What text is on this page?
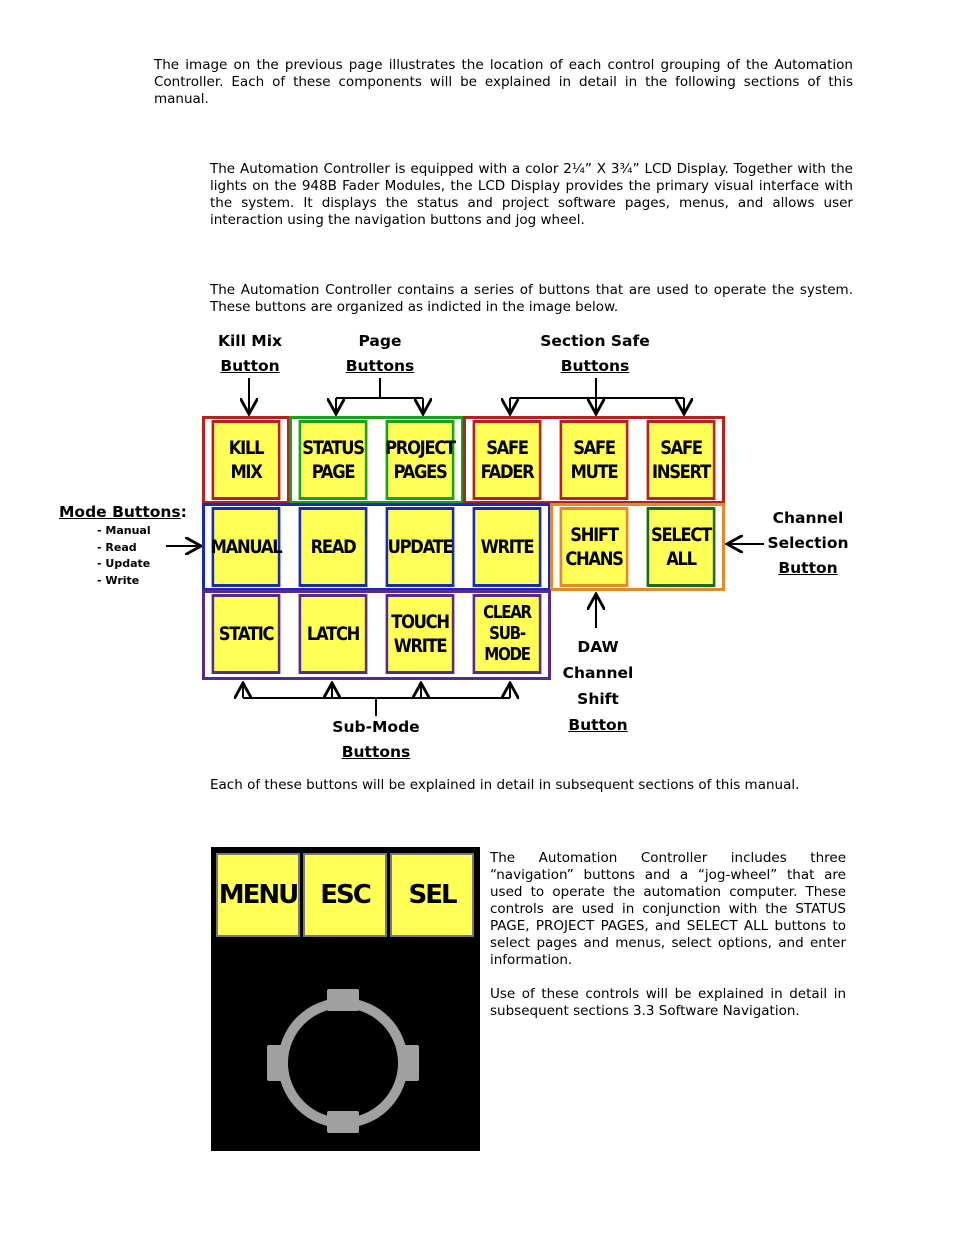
The image on the previous page illustrates the location of each control grouping of the Automation Controller. Each of these components will be explained in detail in the following sections of this manual.

The Automation Controller is equipped with a color 2¼” X 3¾” LCD Display. Together with the lights on the 948B Fader Modules, the LCD Display provides the primary visual interface with the system. It displays the status and project software pages, menus, and allows user interaction using the navigation buttons and jog wheel.

The Automation Controller contains a series of buttons that are used to operate the system. These buttons are organized as indicted in the image below.

Kill Mix
Button
Page
Buttons
Section Safe
Buttons
KILL
MIX
STATUS
PAGE
PROJECT
PAGES
SAFE
FADER
SAFE
MUTE
SAFE
INSERT
MANUAL	READ	UPDATE	WRITE
SHIFT
CHANS
SELECT
ALL
STATIC	LATCH
TOUCH
WRITE
CLEAR
SUB-
MODE
Mode Buttons:
- Manual
- Read
- Update
- Write
Channel
Selection
Button
DAW
Channel
Shift
Button
Sub-Mode
Buttons

Each of these buttons will be explained in detail in subsequent sections of this manual.

MENU ESC	SEL

The Automation Controller includes three “navigation” buttons and a “jog-wheel” that are used to operate the automation computer. These controls are used in conjunction with the STATUS PAGE, PROJECT PAGES, and SELECT ALL buttons to select pages and menus, select options, and enter information.

Use of these controls will be explained in detail in subsequent sections 3.3 Software Navigation.
